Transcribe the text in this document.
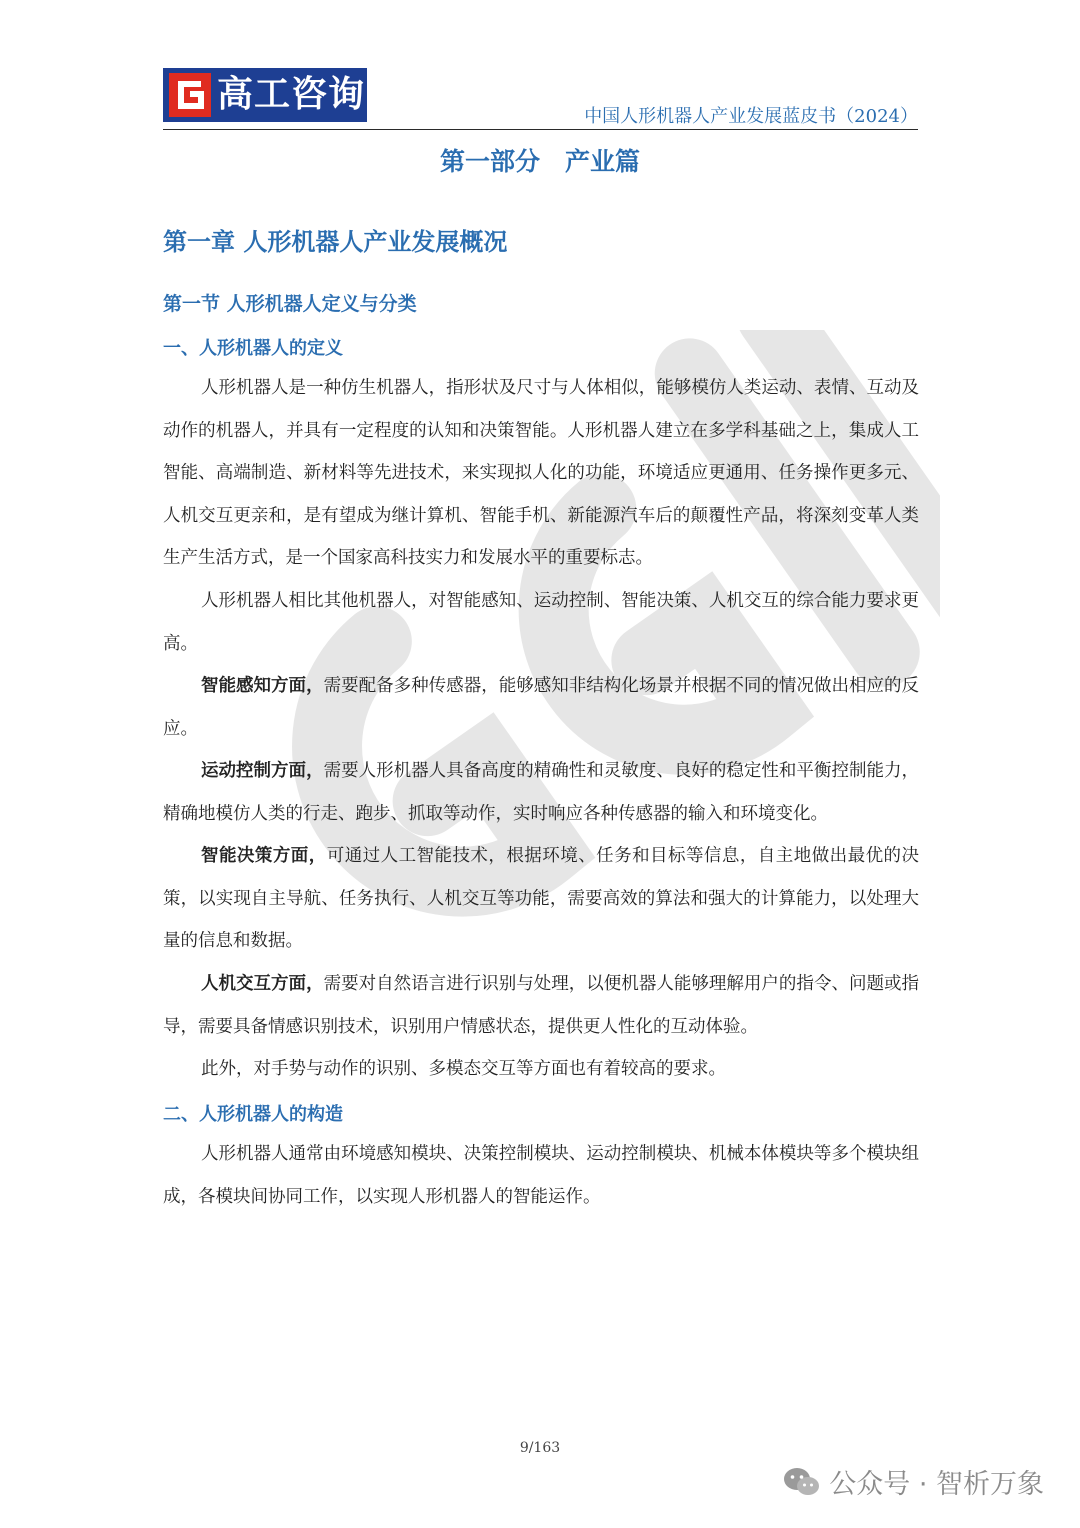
高工咨询
中国人形机器人产业发展蓝皮书（2024）
第一部分　产业篇
第一章 人形机器人产业发展概况
第一节 人形机器人定义与分类
一、人形机器人的定义
人形机器人是一种仿生机器人，指形状及尺寸与人体相似，能够模仿人类运动、表情、互动及动作的机器人，并具有一定程度的认知和决策智能。人形机器人建立在多学科基础之上，集成人工智能、高端制造、新材料等先进技术，来实现拟人化的功能，环境适应更通用、任务操作更多元、人机交互更亲和，是有望成为继计算机、智能手机、新能源汽车后的颠覆性产品，将深刻变革人类生产生活方式，是一个国家高科技实力和发展水平的重要标志。
人形机器人相比其他机器人，对智能感知、运动控制、智能决策、人机交互的综合能力要求更高。
智能感知方面，需要配备多种传感器，能够感知非结构化场景并根据不同的情况做出相应的反应。
运动控制方面，需要人形机器人具备高度的精确性和灵敏度、良好的稳定性和平衡控制能力，精确地模仿人类的行走、跑步、抓取等动作，实时响应各种传感器的输入和环境变化。
智能决策方面，可通过人工智能技术，根据环境、任务和目标等信息，自主地做出最优的决策，以实现自主导航、任务执行、人机交互等功能，需要高效的算法和强大的计算能力，以处理大量的信息和数据。
人机交互方面，需要对自然语言进行识别与处理，以便机器人能够理解用户的指令、问题或指导，需要具备情感识别技术，识别用户情感状态，提供更人性化的互动体验。
此外，对手势与动作的识别、多模态交互等方面也有着较高的要求。
二、人形机器人的构造
人形机器人通常由环境感知模块、决策控制模块、运动控制模块、机械本体模块等多个模块组成，各模块间协同工作，以实现人形机器人的智能运作。
9/163
公众号 · 智析万象
